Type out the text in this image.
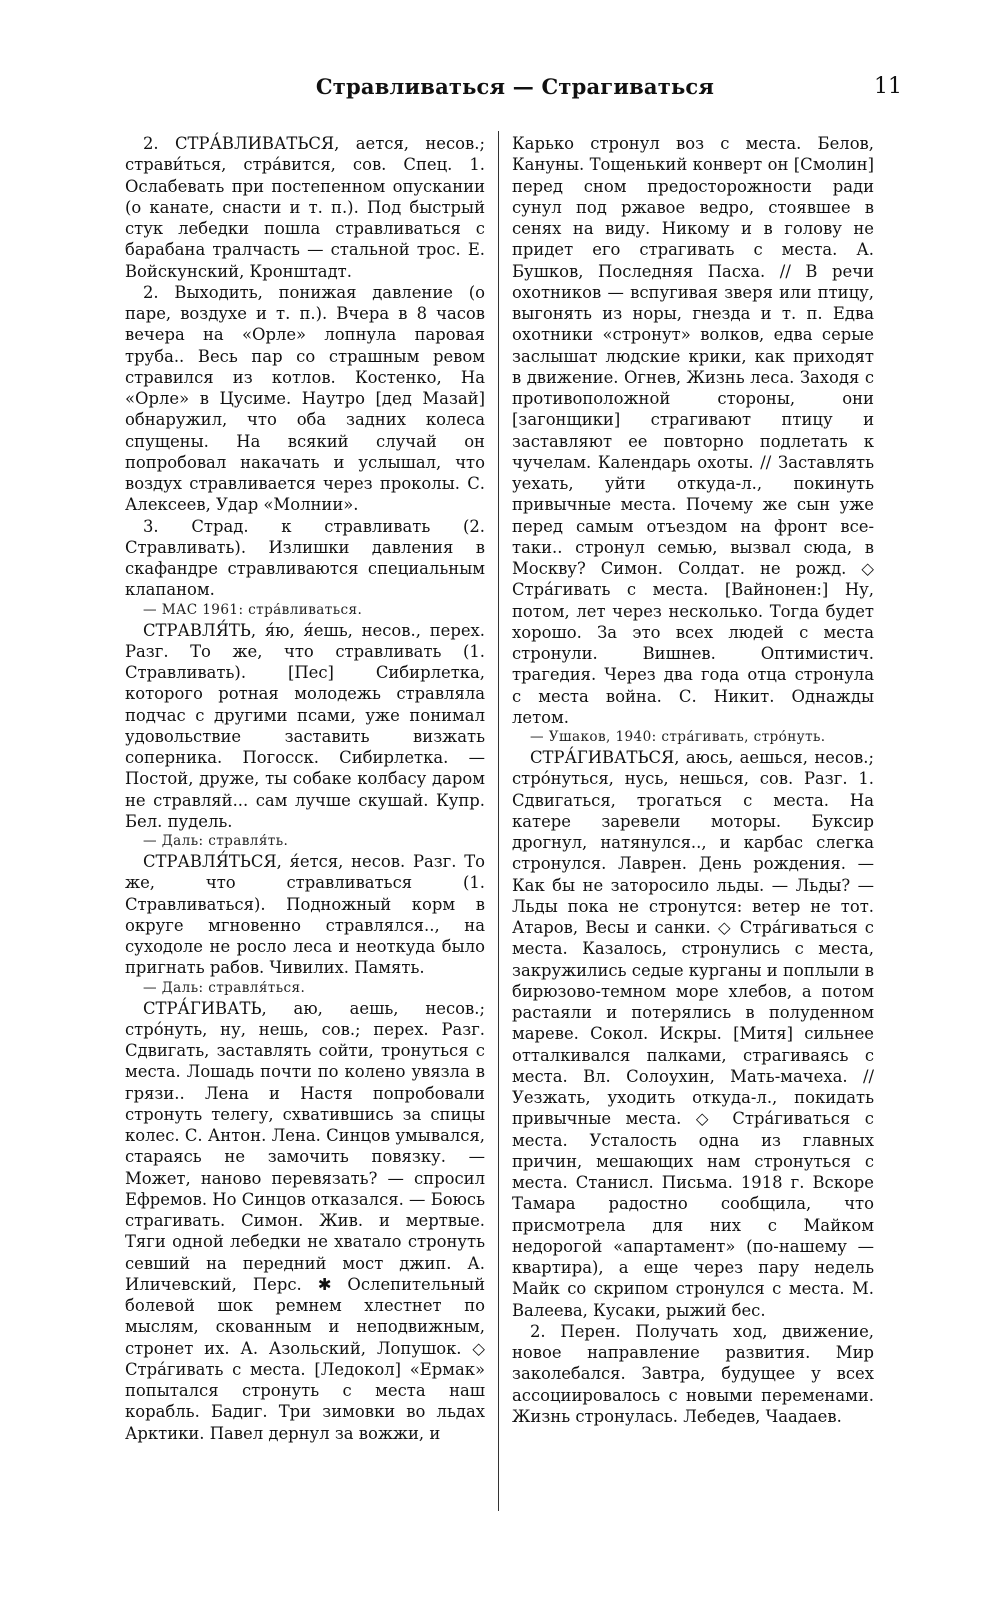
Стравливаться — Страгиваться	11

2. СТРА́ВЛИВАТЬСЯ, ается, несов.; страви́ться, стра́вится, сов. Спец. 1. Ослабевать при постепенном опускании (о канате, снасти и т. п.). Под быстрый стук лебедки пошла стравливаться с барабана тралчасть — стальной трос. Е. Войскунский, Кронштадт.

2. Выходить, понижая давление (о паре, воздухе и т. п.). Вчера в 8 часов вечера на «Орле» лопнула паровая труба.. Весь пар со страшным ревом стравился из котлов. Костенко, На «Орле» в Цусиме. Наутро [дед Мазай] обнаружил, что оба задних колеса спущены. На всякий случай он попробовал накачать и услышал, что воздух стравливается через проколы. С. Алексеев, Удар «Молнии».

3. Страд. к стравливать (2. Стравливать). Излишки давления в скафандре стравливаются специальным клапаном.

— МАС 1961: стра́вливаться.

СТРАВЛЯ́ТЬ, я́ю, я́ешь, несов., перех. Разг. То же, что стравливать (1. Стравливать). [Пес] Сибирлетка, которого ротная молодежь стравляла подчас с другими псами, уже понимал удовольствие заставить визжать соперника. Погосск. Сибирлетка. — Постой, друже, ты собаке колбасу даром не стравляй... сам лучше скушай. Купр. Бел. пудель.

— Даль: стравля́ть.

СТРАВЛЯ́ТЬСЯ, я́ется, несов. Разг. То же, что стравливаться (1. Стравливаться). Подножный корм в округе мгновенно стравлялся.., на суходоле не росло леса и неоткуда было пригнать рабов. Чивилих. Память.

— Даль: стравля́ться.

СТРА́ГИВАТЬ, аю, аешь, несов.; стро́нуть, ну, нешь, сов.; перех. Разг. Сдвигать, заставлять сойти, тронуться с места. Лошадь почти по колено увязла в грязи.. Лена и Настя попробовали стронуть телегу, схватившись за спицы колес. С. Антон. Лена. Синцов умывался, стараясь не замочить повязку. — Может, наново перевязать? — спросил Ефремов. Но Синцов отказался. — Боюсь страгивать. Симон. Жив. и мертвые. Тяги одной лебедки не хватало стронуть севший на передний мост джип. А. Иличевский, Перс. ✱ Ослепительный болевой шок ремнем хлестнет по мыслям, скованным и неподвижным, стронет их. А. Азольский, Лопушок. ◇ Стра́гивать с места. [Ледокол] «Ермак» попытался стронуть с места наш корабль. Бадиг. Три зимовки во льдах Арктики. Павел дернул за вожжи, и

Карько стронул воз с места. Белов, Кануны. Тощенький конверт он [Смолин] перед сном предосторожности ради сунул под ржавое ведро, стоявшее в сенях на виду. Никому и в голову не придет его страгивать с места. А. Бушков, Последняя Пасха. // В речи охотников — вспугивая зверя или птицу, выгонять из норы, гнезда и т. п. Едва охотники «стронут» волков, едва серые заслышат людские крики, как приходят в движение. Огнев, Жизнь леса. Заходя с противоположной стороны, они [загонщики] страгивают птицу и заставляют ее повторно подлетать к чучелам. Календарь охоты. // Заставлять уехать, уйти откуда-л., покинуть привычные места. Почему же сын уже перед самым отъездом на фронт все-таки.. стронул семью, вызвал сюда, в Москву? Симон. Солдат. не рожд. ◇ Стра́гивать с места. [Вайнонен:] Ну, потом, лет через несколько. Тогда будет хорошо. За это всех людей с места стронули. Вишнев. Оптимистич. трагедия. Через два года отца стронула с места война. С. Никит. Однажды летом.

— Ушаков, 1940: стра́гивать, стро́нуть.

СТРА́ГИВАТЬСЯ, аюсь, аешься, несов.; стро́нуться, нусь, нешься, сов. Разг. 1. Сдвигаться, трогаться с места. На катере заревели моторы. Буксир дрогнул, натянулся.., и карбас слегка стронулся. Лаврен. День рождения. — Как бы не заторосило льды. — Льды? — Льды пока не стронутся: ветер не тот. Атаров, Весы и санки. ◇ Стра́гиваться с места. Казалось, стронулись с места, закружились седые курганы и поплыли в бирюзово-темном море хлебов, а потом растаяли и потерялись в полуденном мареве. Сокол. Искры. [Митя] сильнее отталкивался палками, страгиваясь с места. Вл. Солоухин, Мать-мачеха. // Уезжать, уходить откуда-л., покидать привычные места. ◇ Стра́гиваться с места. Усталость одна из главных причин, мешающих нам стронуться с места. Станисл. Письма. 1918 г. Вскоре Тамара радостно сообщила, что присмотрела для них с Майком недорогой «апартамент» (по-нашему — квартира), а еще через пару недель Майк со скрипом стронулся с места. М. Валеева, Кусаки, рыжий бес.

2. Перен. Получать ход, движение, новое направление развития. Мир заколебался. Завтра, будущее у всех ассоциировалось с новыми переменами. Жизнь стронулась. Лебедев, Чаадаев.
